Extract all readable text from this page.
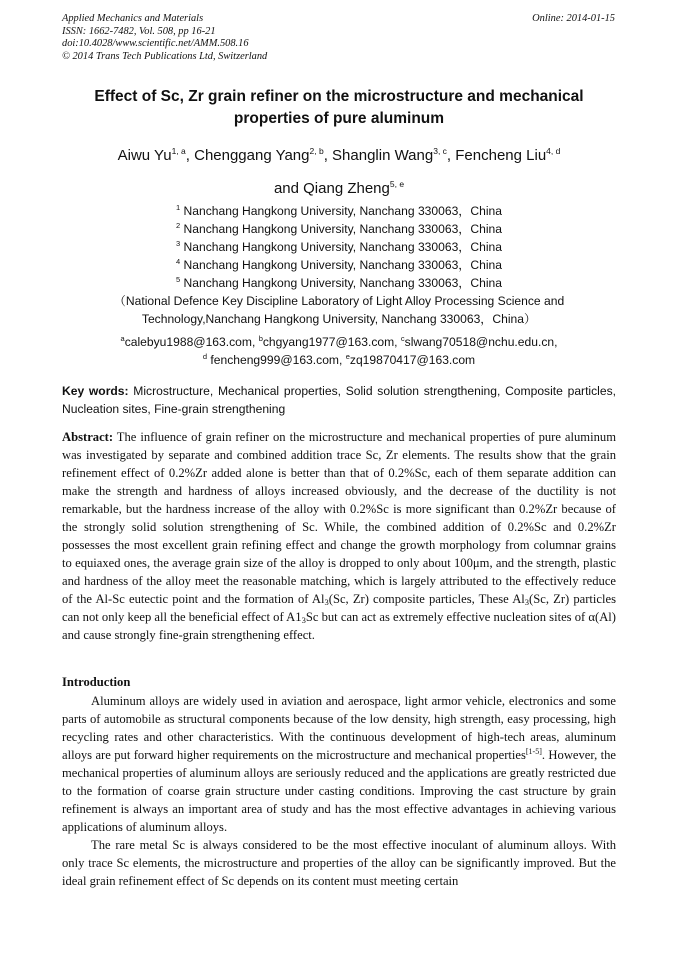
Applied Mechanics and Materials
ISSN: 1662-7482, Vol. 508, pp 16-21
doi:10.4028/www.scientific.net/AMM.508.16
© 2014 Trans Tech Publications Ltd, Switzerland
Online: 2014-01-15
Effect of Sc, Zr grain refiner on the microstructure and mechanical
properties of pure aluminum
Aiwu Yu$^{1, a}$, Chenggang Yang$^{2, b}$, Shanglin Wang$^{3, c}$, Fencheng Liu$^{4, d}$
and Qiang Zheng$^{5, e}$
$^1$ Nanchang Hangkong University, Nanchang 330063，China
$^2$ Nanchang Hangkong University, Nanchang 330063，China
$^3$ Nanchang Hangkong University, Nanchang 330063，China
$^4$ Nanchang Hangkong University, Nanchang 330063，China
$^5$ Nanchang Hangkong University, Nanchang 330063，China
（National Defence Key Discipline Laboratory of Light Alloy Processing Science and
Technology,Nanchang Hangkong University, Nanchang 330063，China）
$^a$calebyu1988@163.com, $^b$chgyang1977@163.com, $^c$slwang70518@nchu.edu.cn,
$^d$ fencheng999@163.com, $^e$zq19870417@163.com
Key words: Microstructure, Mechanical properties, Solid solution strengthening, Composite particles, Nucleation sites, Fine-grain strengthening
Abstract: The influence of grain refiner on the microstructure and mechanical properties of pure aluminum was investigated by separate and combined addition trace Sc, Zr elements. The results show that the grain refinement effect of 0.2%Zr added alone is better than that of 0.2%Sc, each of them separate addition can make the strength and hardness of alloys increased obviously, and the decrease of the ductility is not remarkable, but the hardness increase of the alloy with 0.2%Sc is more significant than 0.2%Zr because of the strongly solid solution strengthening of Sc. While, the combined addition of 0.2%Sc and 0.2%Zr possesses the most excellent grain refining effect and change the growth morphology from columnar grains to equiaxed ones, the average grain size of the alloy is dropped to only about 100μm, and the strength, plastic and hardness of the alloy meet the reasonable matching, which is largely attributed to the effectively reduce of the Al-Sc eutectic point and the formation of $Al_3(Sc$, Zr) composite particles, These $Al_3(Sc$, Zr) particles can not only keep all the beneficial effect of $A1_3Sc$ but can act as extremely effective nucleation sites of α(Al) and cause strongly fine-grain strengthening effect.
Introduction

Aluminum alloys are widely used in aviation and aerospace, light armor vehicle, electronics and some parts of automobile as structural components because of the low density, high strength, easy processing, high recycling rates and other characteristics. With the continuous development of high-tech areas, aluminum alloys are put forward higher requirements on the microstructure and mechanical properties[1-5]. However, the mechanical properties of aluminum alloys are seriously reduced and the applications are greatly restricted due to the formation of coarse grain structure under casting conditions. Improving the cast structure by grain refinement is always an important area of study and has the most effective advantages in achieving various applications of aluminum alloys.

The rare metal Sc is always considered to be the most effective inoculant of aluminum alloys. With only trace Sc elements, the microstructure and properties of the alloy can be significantly improved. But the ideal grain refinement effect of Sc depends on its content must meeting certain
